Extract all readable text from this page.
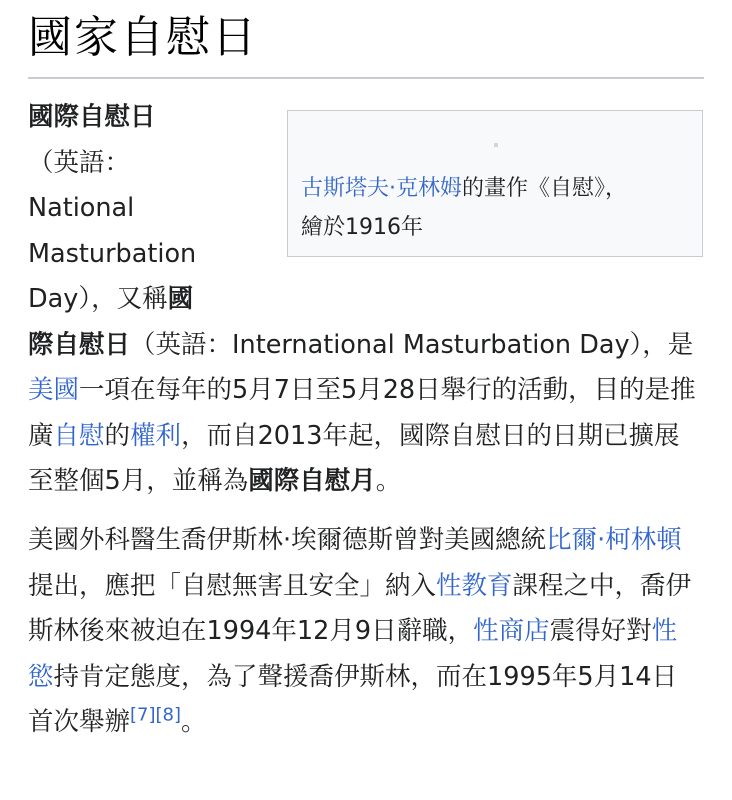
國家自慰日
古斯塔夫·克林姆的畫作《自慰》，繪於1916年

國際自慰日（英語：National Masturbation Day），又稱國際自慰日（英語：International Masturbation Day），是美國一項在每年的5月7日至5月28日舉行的活動，目的是推廣自慰的權利，而自2013年起，國際自慰日的日期已擴展至整個5月，並稱為國際自慰月。

美國外科醫生喬伊斯林·埃爾德斯曾對美國總統比爾·柯林頓提出，應把「自慰無害且安全」納入性教育課程之中，喬伊斯林後來被迫在1994年12月9日辭職，性商店震得好對性慾持肯定態度，為了聲援喬伊斯林，而在1995年5月14日首次舉辦[7][8]。
